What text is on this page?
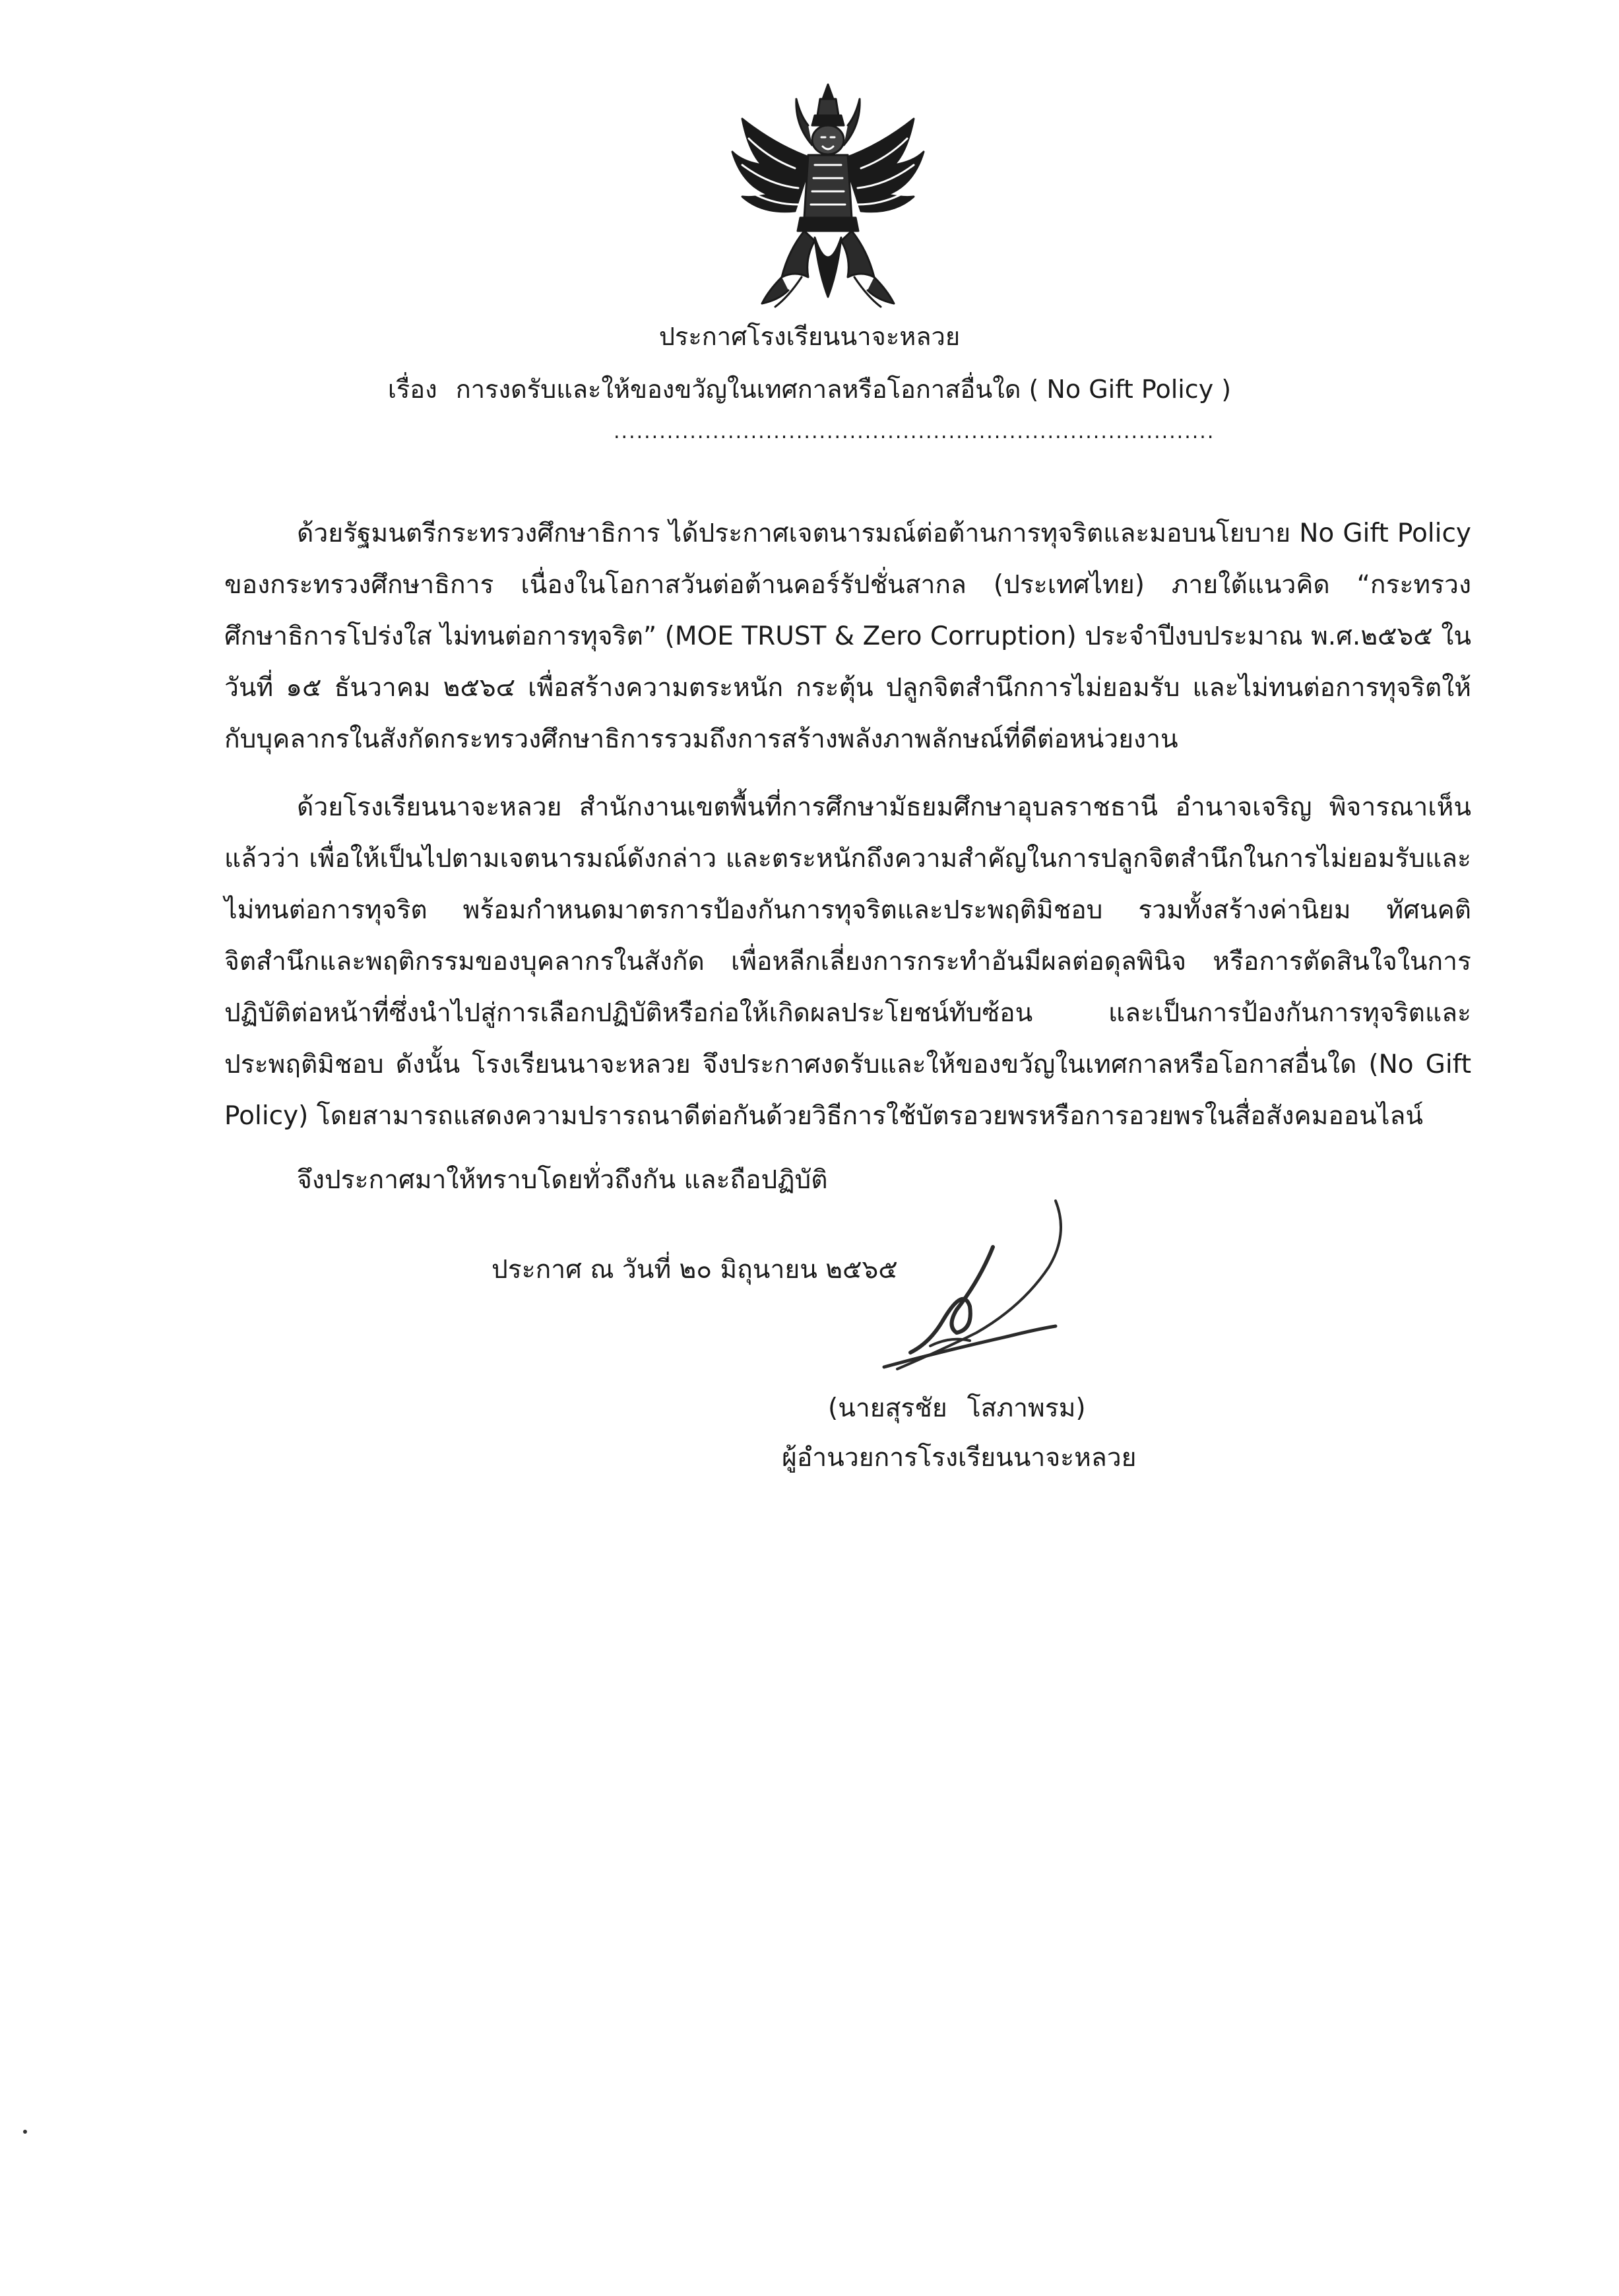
ประกาศโรงเรียนนาจะหลวย
เรื่อง การงดรับและให้ของขวัญในเทศกาลหรือโอกาสอื่นใด ( No Gift Policy )
...............................................................................

ด้วยรัฐมนตรีกระทรวงศึกษาธิการ ได้ประกาศเจตนารมณ์ต่อต้านการทุจริตและมอบนโยบาย No Gift Policy ของกระทรวงศึกษาธิการ เนื่องในโอกาสวันต่อต้านคอร์รัปชั่นสากล (ประเทศไทย) ภายใต้แนวคิด “กระทรวงศึกษาธิการโปร่งใส ไม่ทนต่อการทุจริต” (MOE TRUST & Zero Corruption) ประจำปีงบประมาณ พ.ศ.๒๕๖๕ ในวันที่ ๑๕ ธันวาคม ๒๕๖๔ เพื่อสร้างความตระหนัก กระตุ้น ปลูกจิตสำนึกการไม่ยอมรับ และไม่ทนต่อการทุจริตให้กับบุคลากรในสังกัดกระทรวงศึกษาธิการรวมถึงการสร้างพลังภาพลักษณ์ที่ดีต่อหน่วยงาน

ด้วยโรงเรียนนาจะหลวย สำนักงานเขตพื้นที่การศึกษามัธยมศึกษาอุบลราชธานี อำนาจเจริญ พิจารณาเห็นแล้วว่า เพื่อให้เป็นไปตามเจตนารมณ์ดังกล่าว และตระหนักถึงความสำคัญในการปลูกจิตสำนึกในการไม่ยอมรับและไม่ทนต่อการทุจริต พร้อมกำหนดมาตรการป้องกันการทุจริตและประพฤติมิชอบ รวมทั้งสร้างค่านิยม ทัศนคติ จิตสำนึกและพฤติกรรมของบุคลากรในสังกัด เพื่อหลีกเลี่ยงการกระทำอันมีผลต่อดุลพินิจ หรือการตัดสินใจในการปฏิบัติต่อหน้าที่ซึ่งนำไปสู่การเลือกปฏิบัติหรือก่อให้เกิดผลประโยชน์ทับซ้อน และเป็นการป้องกันการทุจริตและประพฤติมิชอบ ดังนั้น โรงเรียนนาจะหลวย จึงประกาศงดรับและให้ของขวัญในเทศกาลหรือโอกาสอื่นใด (No Gift Policy) โดยสามารถแสดงความปรารถนาดีต่อกันด้วยวิธีการใช้บัตรอวยพรหรือการอวยพรในสื่อสังคมออนไลน์

จึงประกาศมาให้ทราบโดยทั่วถึงกัน และถือปฏิบัติ

ประกาศ ณ วันที่ ๒๐ มิถุนายน ๒๕๖๕
(นายสุรชัย โสภาพรม)
ผู้อำนวยการโรงเรียนนาจะหลวย
